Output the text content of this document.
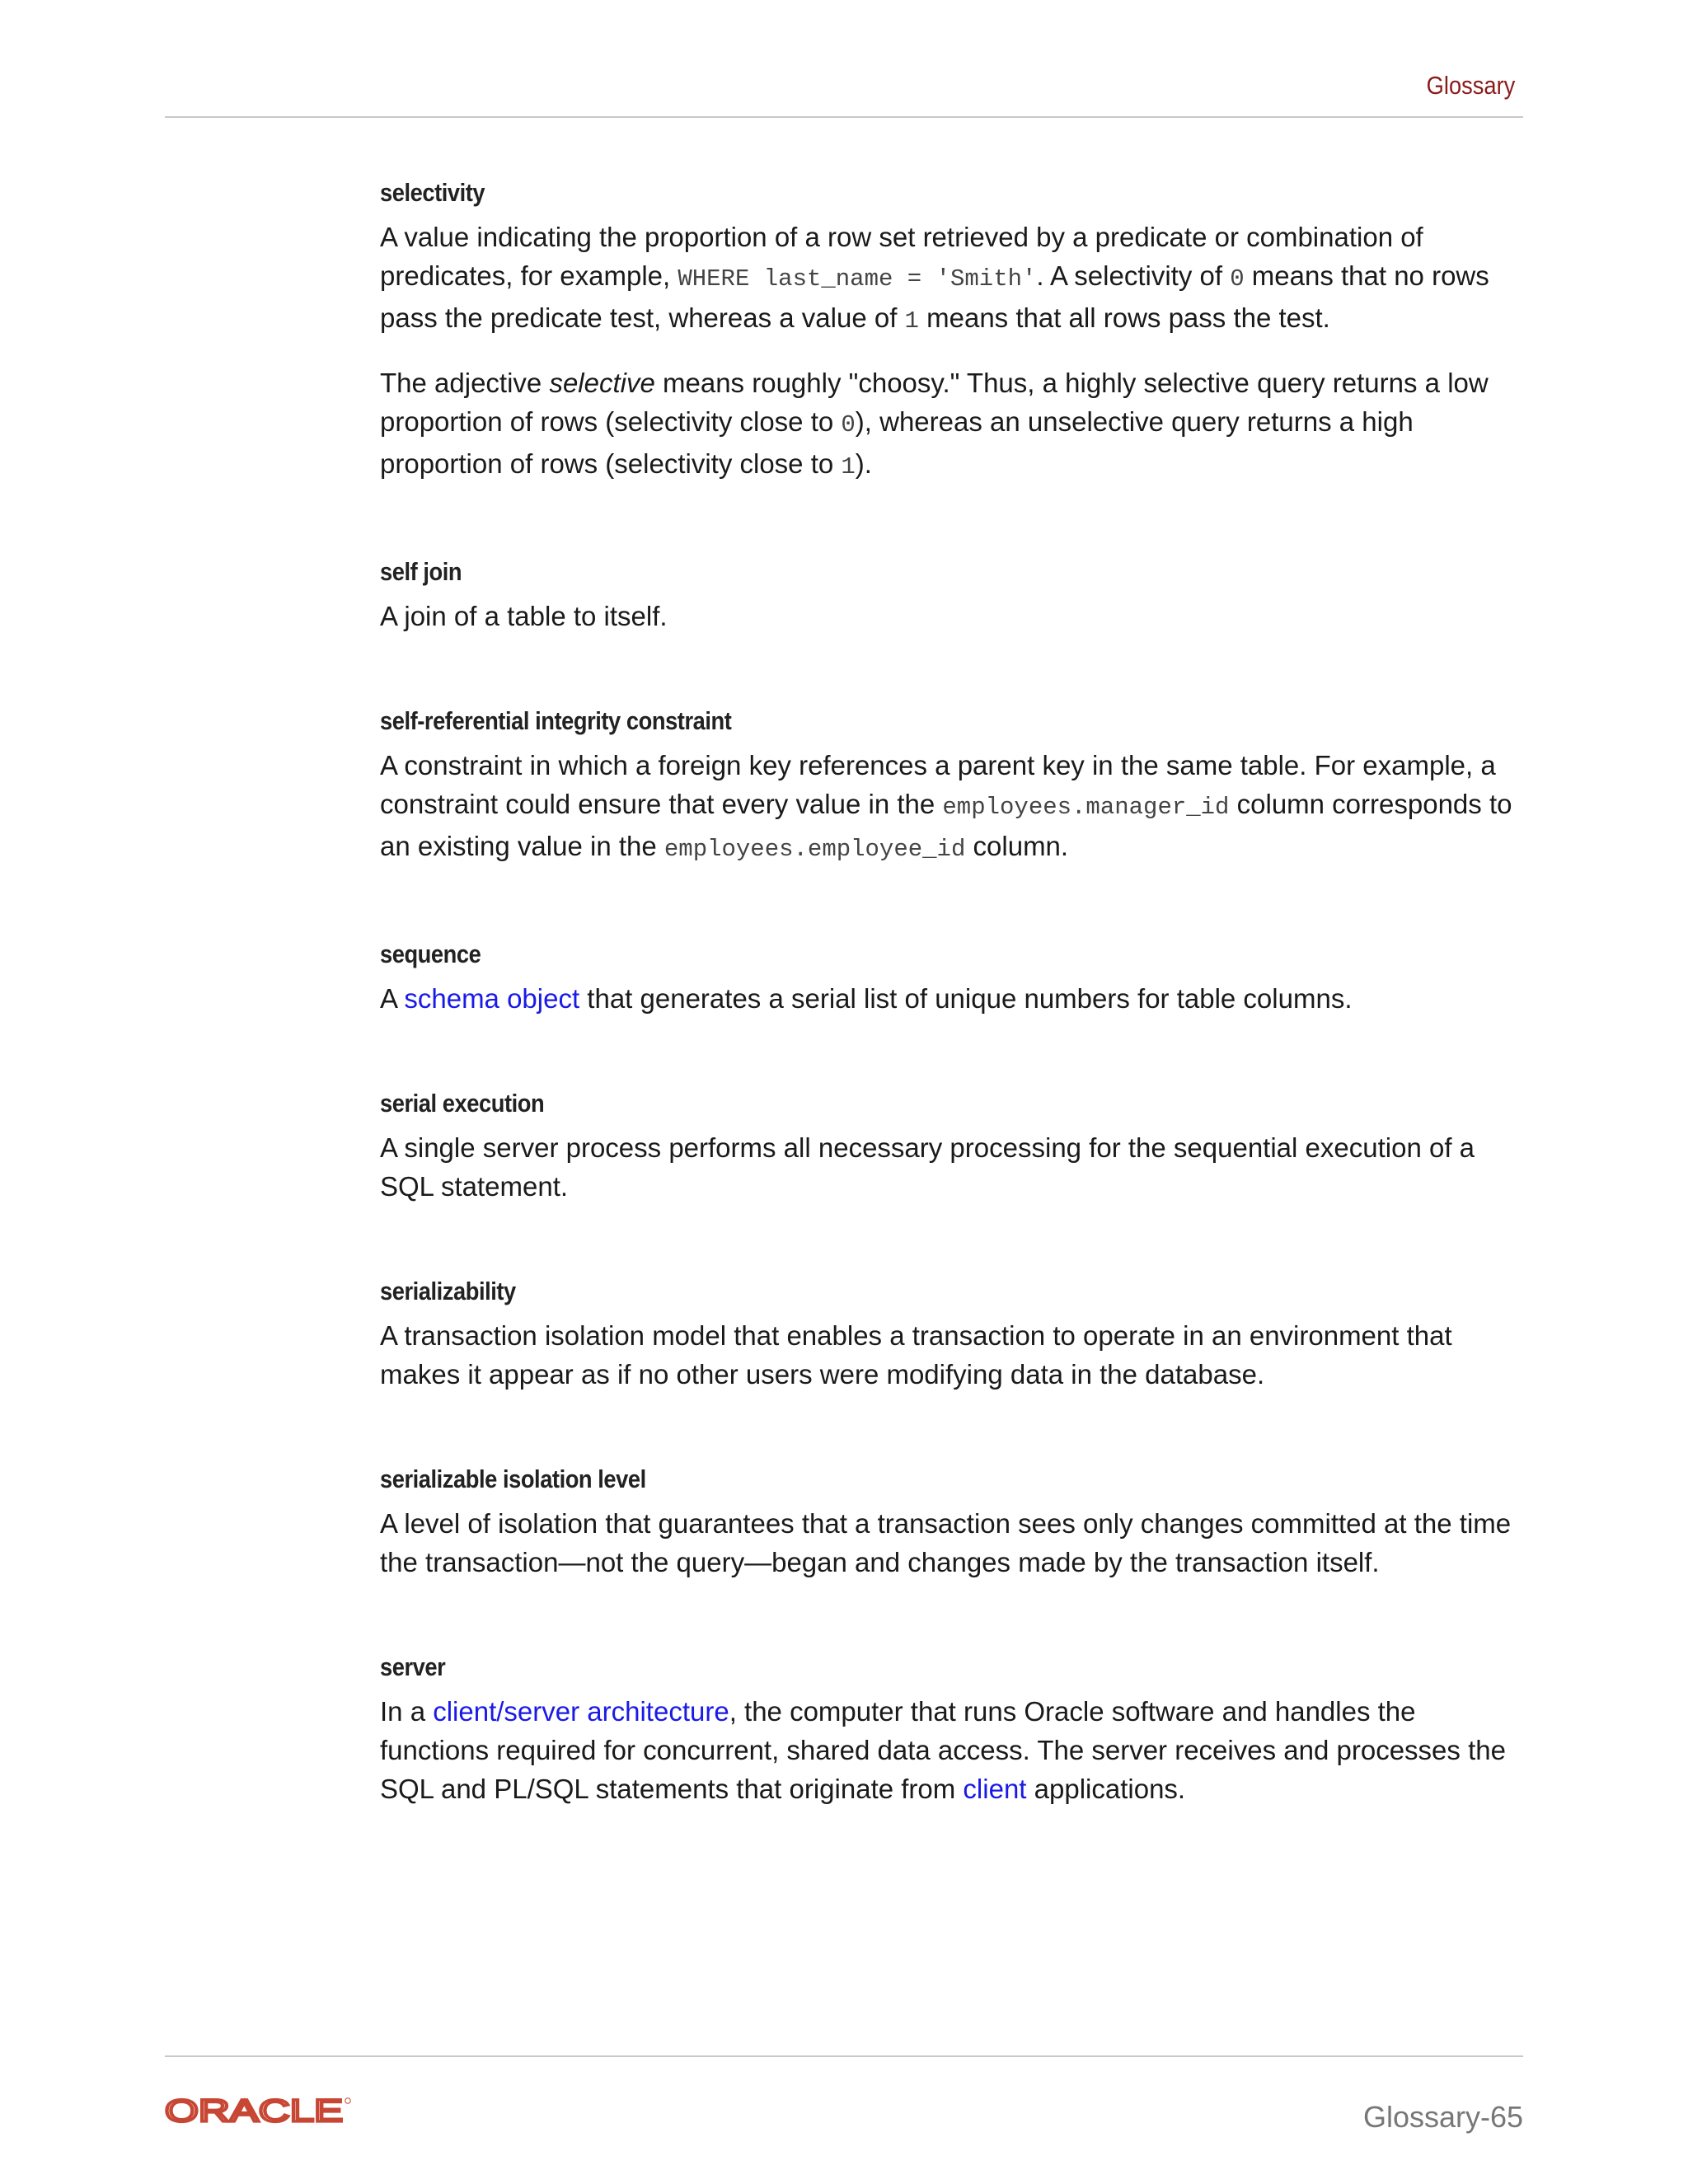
Glossary
selectivity

A value indicating the proportion of a row set retrieved by a predicate or combination of predicates, for example, WHERE last_name = 'Smith'. A selectivity of 0 means that no rows pass the predicate test, whereas a value of 1 means that all rows pass the test.

The adjective selective means roughly "choosy." Thus, a highly selective query returns a low proportion of rows (selectivity close to 0), whereas an unselective query returns a high proportion of rows (selectivity close to 1).

self join

A join of a table to itself.

self-referential integrity constraint

A constraint in which a foreign key references a parent key in the same table. For example, a constraint could ensure that every value in the employees.manager_id column corresponds to an existing value in the employees.employee_id column.

sequence

A schema object that generates a serial list of unique numbers for table columns.

serial execution

A single server process performs all necessary processing for the sequential execution of a SQL statement.

serializability

A transaction isolation model that enables a transaction to operate in an environment that makes it appear as if no other users were modifying data in the database.

serializable isolation level

A level of isolation that guarantees that a transaction sees only changes committed at the time the transaction—not the query—began and changes made by the transaction itself.

server

In a client/server architecture, the computer that runs Oracle software and handles the functions required for concurrent, shared data access. The server receives and processes the SQL and PL/SQL statements that originate from client applications.

ORACLE	Glossary-65
